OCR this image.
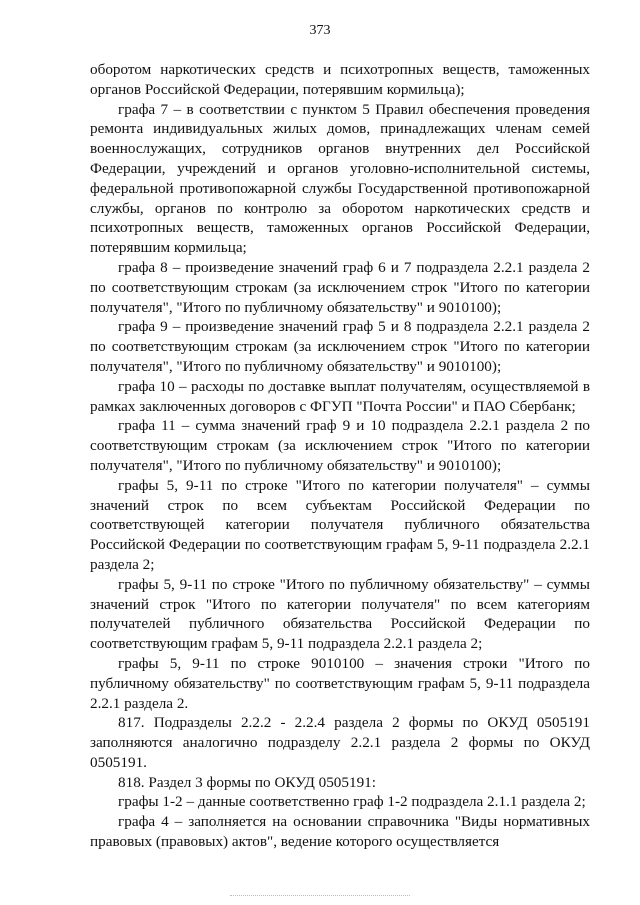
373

оборотом наркотических средств и психотропных веществ, таможенных органов Российской Федерации, потерявшим кормильца);

графа 7 – в соответствии с пунктом 5 Правил обеспечения проведения ремонта индивидуальных жилых домов, принадлежащих членам семей военнослужащих, сотрудников органов внутренних дел Российской Федерации, учреждений и органов уголовно-исполнительной системы, федеральной противопожарной службы Государственной противопожарной службы, органов по контролю за оборотом наркотических средств и психотропных веществ, таможенных органов Российской Федерации, потерявшим кормильца;

графа 8 – произведение значений граф 6 и 7 подраздела 2.2.1 раздела 2 по соответствующим строкам (за исключением строк "Итого по категории получателя", "Итого по публичному обязательству" и 9010100);

графа 9 – произведение значений граф 5 и 8 подраздела 2.2.1 раздела 2 по соответствующим строкам (за исключением строк "Итого по категории получателя", "Итого по публичному обязательству" и 9010100);

графа 10 – расходы по доставке выплат получателям, осуществляемой в рамках заключенных договоров с ФГУП "Почта России" и ПАО Сбербанк;

графа 11 – сумма значений граф 9 и 10 подраздела 2.2.1 раздела 2 по соответствующим строкам (за исключением строк "Итого по категории получателя", "Итого по публичному обязательству" и 9010100);

графы 5, 9-11 по строке "Итого по категории получателя" – суммы значений строк по всем субъектам Российской Федерации по соответствующей категории получателя публичного обязательства Российской Федерации по соответствующим графам 5, 9-11 подраздела 2.2.1 раздела 2;

графы 5, 9-11 по строке "Итого по публичному обязательству" – суммы значений строк "Итого по категории получателя" по всем категориям получателей публичного обязательства Российской Федерации по соответствующим графам 5, 9-11 подраздела 2.2.1 раздела 2;

графы 5, 9-11 по строке 9010100 – значения строки "Итого по публичному обязательству" по соответствующим графам 5, 9-11 подраздела 2.2.1 раздела 2.

817. Подразделы 2.2.2 - 2.2.4 раздела 2 формы по ОКУД 0505191 заполняются аналогично подразделу 2.2.1 раздела 2 формы по ОКУД 0505191.

818. Раздел 3 формы по ОКУД 0505191:

графы 1-2 – данные соответственно граф 1-2 подраздела 2.1.1 раздела 2;

графа 4 – заполняется на основании справочника "Виды нормативных правовых (правовых) актов", ведение которого осуществляется
